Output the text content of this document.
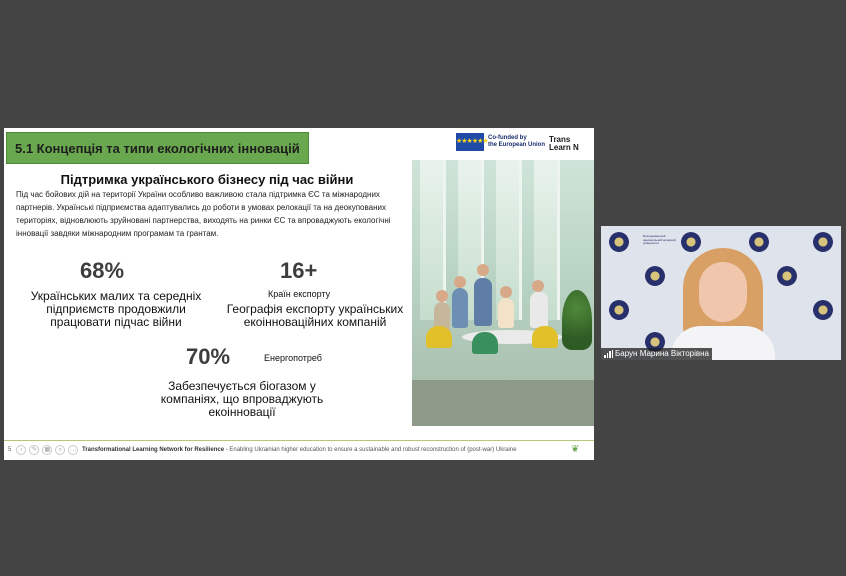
5.1 Концепція та типи екологічних інновацій	★★★★★★ Co-funded by
the European Union
Trans
Learn N
Підтримка українського бізнесу під час війни
Під час бойових дій на території України особливо важливою стала підтримка ЄС та міжнародних партнерів. Українські підприємства адаптувались до роботи в умовах релокації та на деокупованих територіях, відновлюють зруйновані партнерства, виходять на ринки ЄС та впроваджують екологічні інновації завдяки міжнародним програмам та грантам.
68%
Українських малих та середніх підприємств продовжили працювати підчас війни
16+
Країн експорту
Географія експорту українських екоінноваційних компаній
70%	Енергопотреб
Забезпечується біогазом у компаніях, що впроваджують екоінновації
5	‹	✎	▦	⌕	… Transformational Learning Network for Resilience - Enabling Ukrainian higher education to ensure a sustainable and robust reconstruction of (post-war) Ukraine	❦
Білоцерківський національний аграрний університет
Барун Марина Вікторівна
